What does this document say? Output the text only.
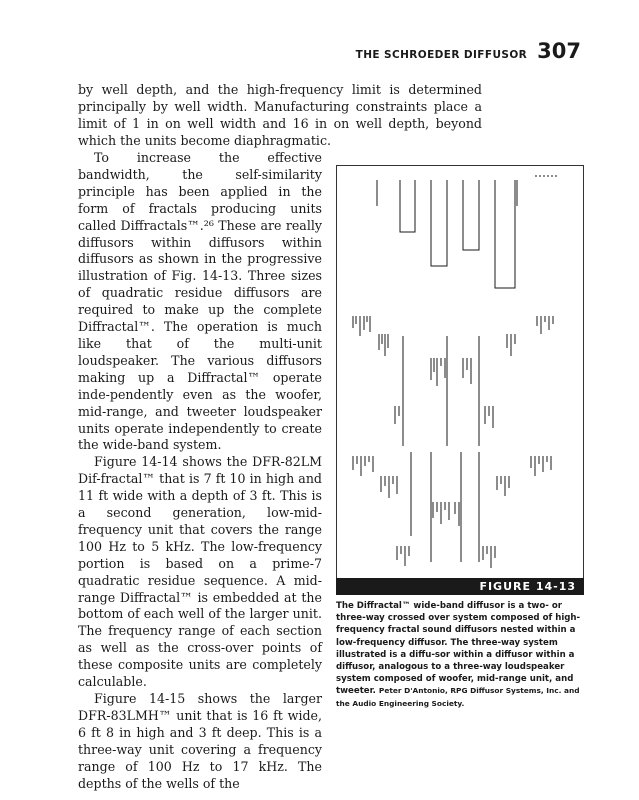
THE SCHROEDER DIFFUSOR 307

by well depth, and the high-frequency limit is determined principally by well width. Manufacturing constraints place a limit of 1 in on well width and 16 in on well depth, beyond which the units become diaphragmatic.

To increase the effective bandwidth, the self-similarity principle has been applied in the form of fractals producing units called Diffractals™.²⁶ These are really diffusors within diffusors within diffusors as shown in the progressive illustration of Fig. 14-13. Three sizes of quadratic residue diffusors are required to make up the complete Diffractal™. The operation is much like that of the multi-unit loudspeaker. The various diffusors making up a Diffractal™ operate inde-pendently even as the woofer, mid-range, and tweeter loudspeaker units operate independently to create the wide-band system.

Figure 14-14 shows the DFR-82LM Dif-fractal™ that is 7 ft 10 in high and 11 ft wide with a depth of 3 ft. This is a second generation, low-mid-frequency unit that covers the range 100 Hz to 5 kHz. The low-frequency portion is based on a prime-7 quadratic residue sequence. A mid-range Diffractal™ is embedded at the bottom of each well of the larger unit. The frequency range of each section as well as the cross-over points of these composite units are completely calculable.

Figure 14-15 shows the larger DFR-83LMH™ unit that is 16 ft wide, 6 ft 8 in high and 3 ft deep. This is a three-way unit covering a frequency range of 100 Hz to 17 kHz. The depths of the wells of the

FIGURE 14-13

The Diffractal™ wide-band diffusor is a two- or three-way crossed over system composed of high-frequency fractal sound diffusors nested within a low-frequency diffusor. The three-way system illustrated is a diffu-sor within a diffusor within a diffusor, analogous to a three-way loudspeaker system composed of woofer, mid-range unit, and tweeter. Peter D'Antonio, RPG Diffusor Systems, Inc. and the Audio Engineering Society.
